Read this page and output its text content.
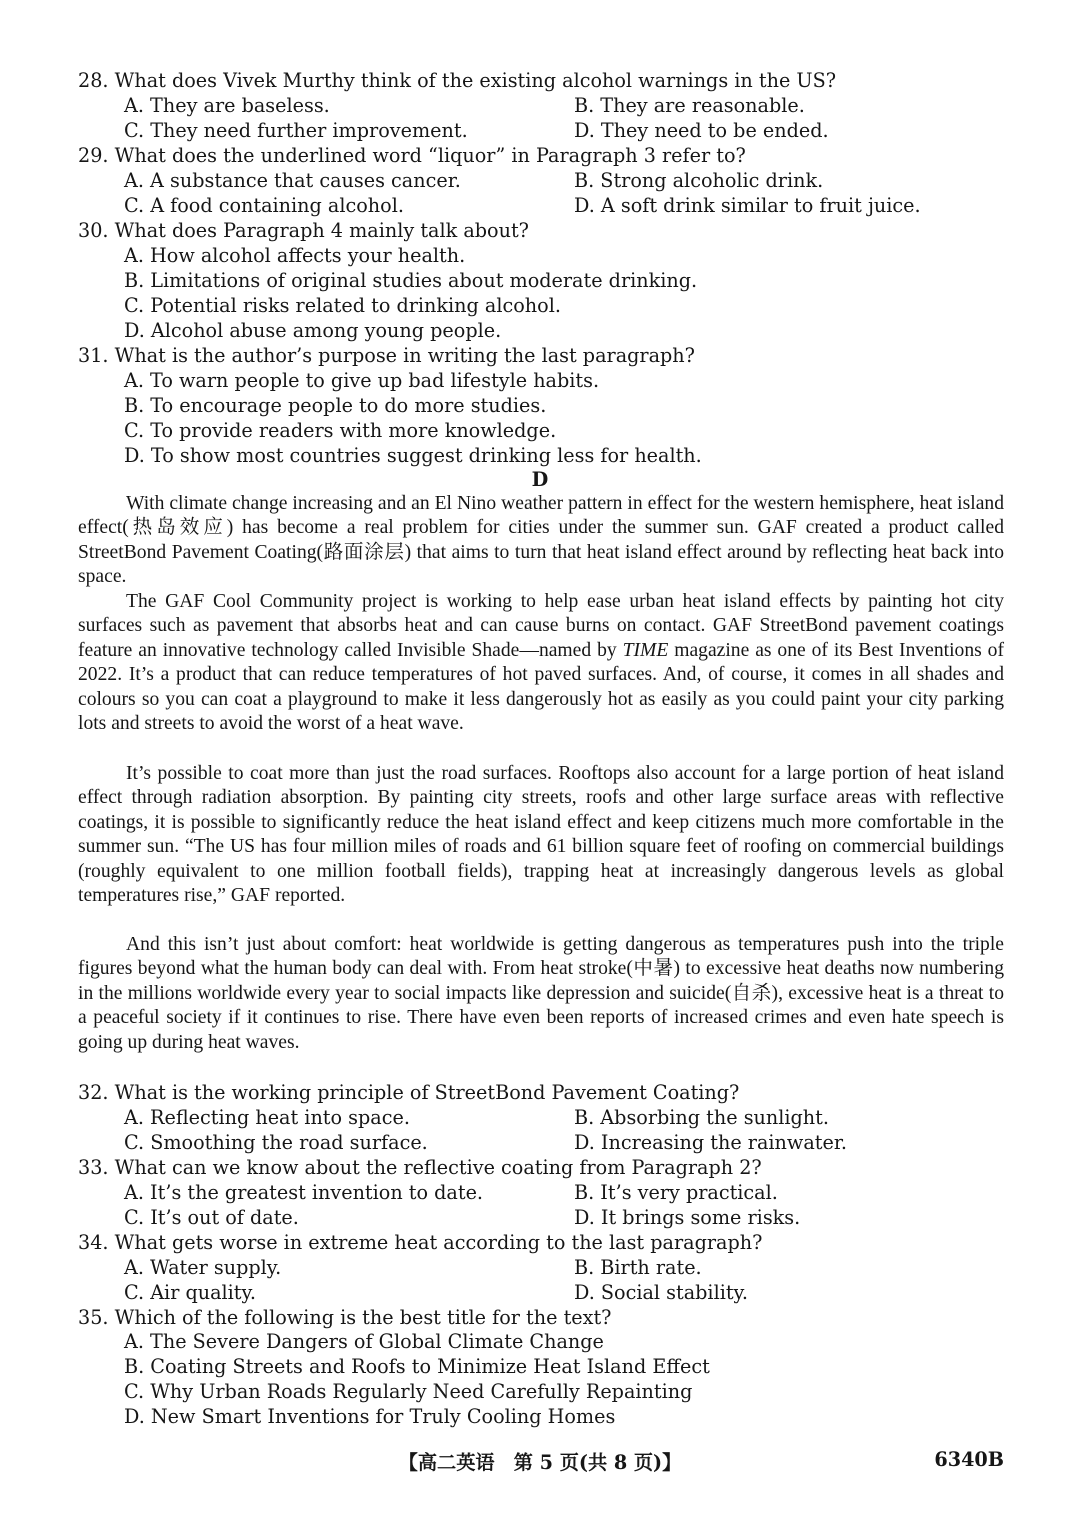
28. What does Vivek Murthy think of the existing alcohol warnings in the US?
A. They are baseless.	B. They are reasonable.
C. They need further improvement.	D. They need to be ended.
29. What does the underlined word “liquor” in Paragraph 3 refer to?
A. A substance that causes cancer.	B. Strong alcoholic drink.
C. A food containing alcohol.	D. A soft drink similar to fruit juice.
30. What does Paragraph 4 mainly talk about?
A. How alcohol affects your health.
B. Limitations of original studies about moderate drinking.
C. Potential risks related to drinking alcohol.
D. Alcohol abuse among young people.
31. What is the author’s purpose in writing the last paragraph?
A. To warn people to give up bad lifestyle habits.
B. To encourage people to do more studies.
C. To provide readers with more knowledge.
D. To show most countries suggest drinking less for health.
D
With climate change increasing and an El Nino weather pattern in effect for the western hemisphere, heat island effect(热岛效应) has become a real problem for cities under the summer sun. GAF created a product called StreetBond Pavement Coating(路面涂层) that aims to turn that heat island effect around by reflecting heat back into space.
The GAF Cool Community project is working to help ease urban heat island effects by painting hot city surfaces such as pavement that absorbs heat and can cause burns on contact. GAF StreetBond pavement coatings feature an innovative technology called Invisible Shade—named by TIME magazine as one of its Best Inventions of 2022. It’s a product that can reduce temperatures of hot paved surfaces. And, of course, it comes in all shades and colours so you can coat a playground to make it less dangerously hot as easily as you could paint your city parking lots and streets to avoid the worst of a heat wave.
It’s possible to coat more than just the road surfaces. Rooftops also account for a large portion of heat island effect through radiation absorption. By painting city streets, roofs and other large surface areas with reflective coatings, it is possible to significantly reduce the heat island effect and keep citizens much more comfortable in the summer sun. “The US has four million miles of roads and 61 billion square feet of roofing on commercial buildings (roughly equivalent to one million football fields), trapping heat at increasingly dangerous levels as global temperatures rise,” GAF reported.
And this isn’t just about comfort: heat worldwide is getting dangerous as temperatures push into the triple figures beyond what the human body can deal with. From heat stroke(中暑) to excessive heat deaths now numbering in the millions worldwide every year to social impacts like depression and suicide(自杀), excessive heat is a threat to a peaceful society if it continues to rise. There have even been reports of increased crimes and even hate speech is going up during heat waves.
32. What is the working principle of StreetBond Pavement Coating?
A. Reflecting heat into space.	B. Absorbing the sunlight.
C. Smoothing the road surface.	D. Increasing the rainwater.
33. What can we know about the reflective coating from Paragraph 2?
A. It’s the greatest invention to date.	B. It’s very practical.
C. It’s out of date.	D. It brings some risks.
34. What gets worse in extreme heat according to the last paragraph?
A. Water supply.	B. Birth rate.
C. Air quality.	D. Social stability.
35. Which of the following is the best title for the text?
A. The Severe Dangers of Global Climate Change
B. Coating Streets and Roofs to Minimize Heat Island Effect
C. Why Urban Roads Regularly Need Carefully Repainting
D. New Smart Inventions for Truly Cooling Homes
【高二英语　第 5 页(共 8 页)】	6340B
